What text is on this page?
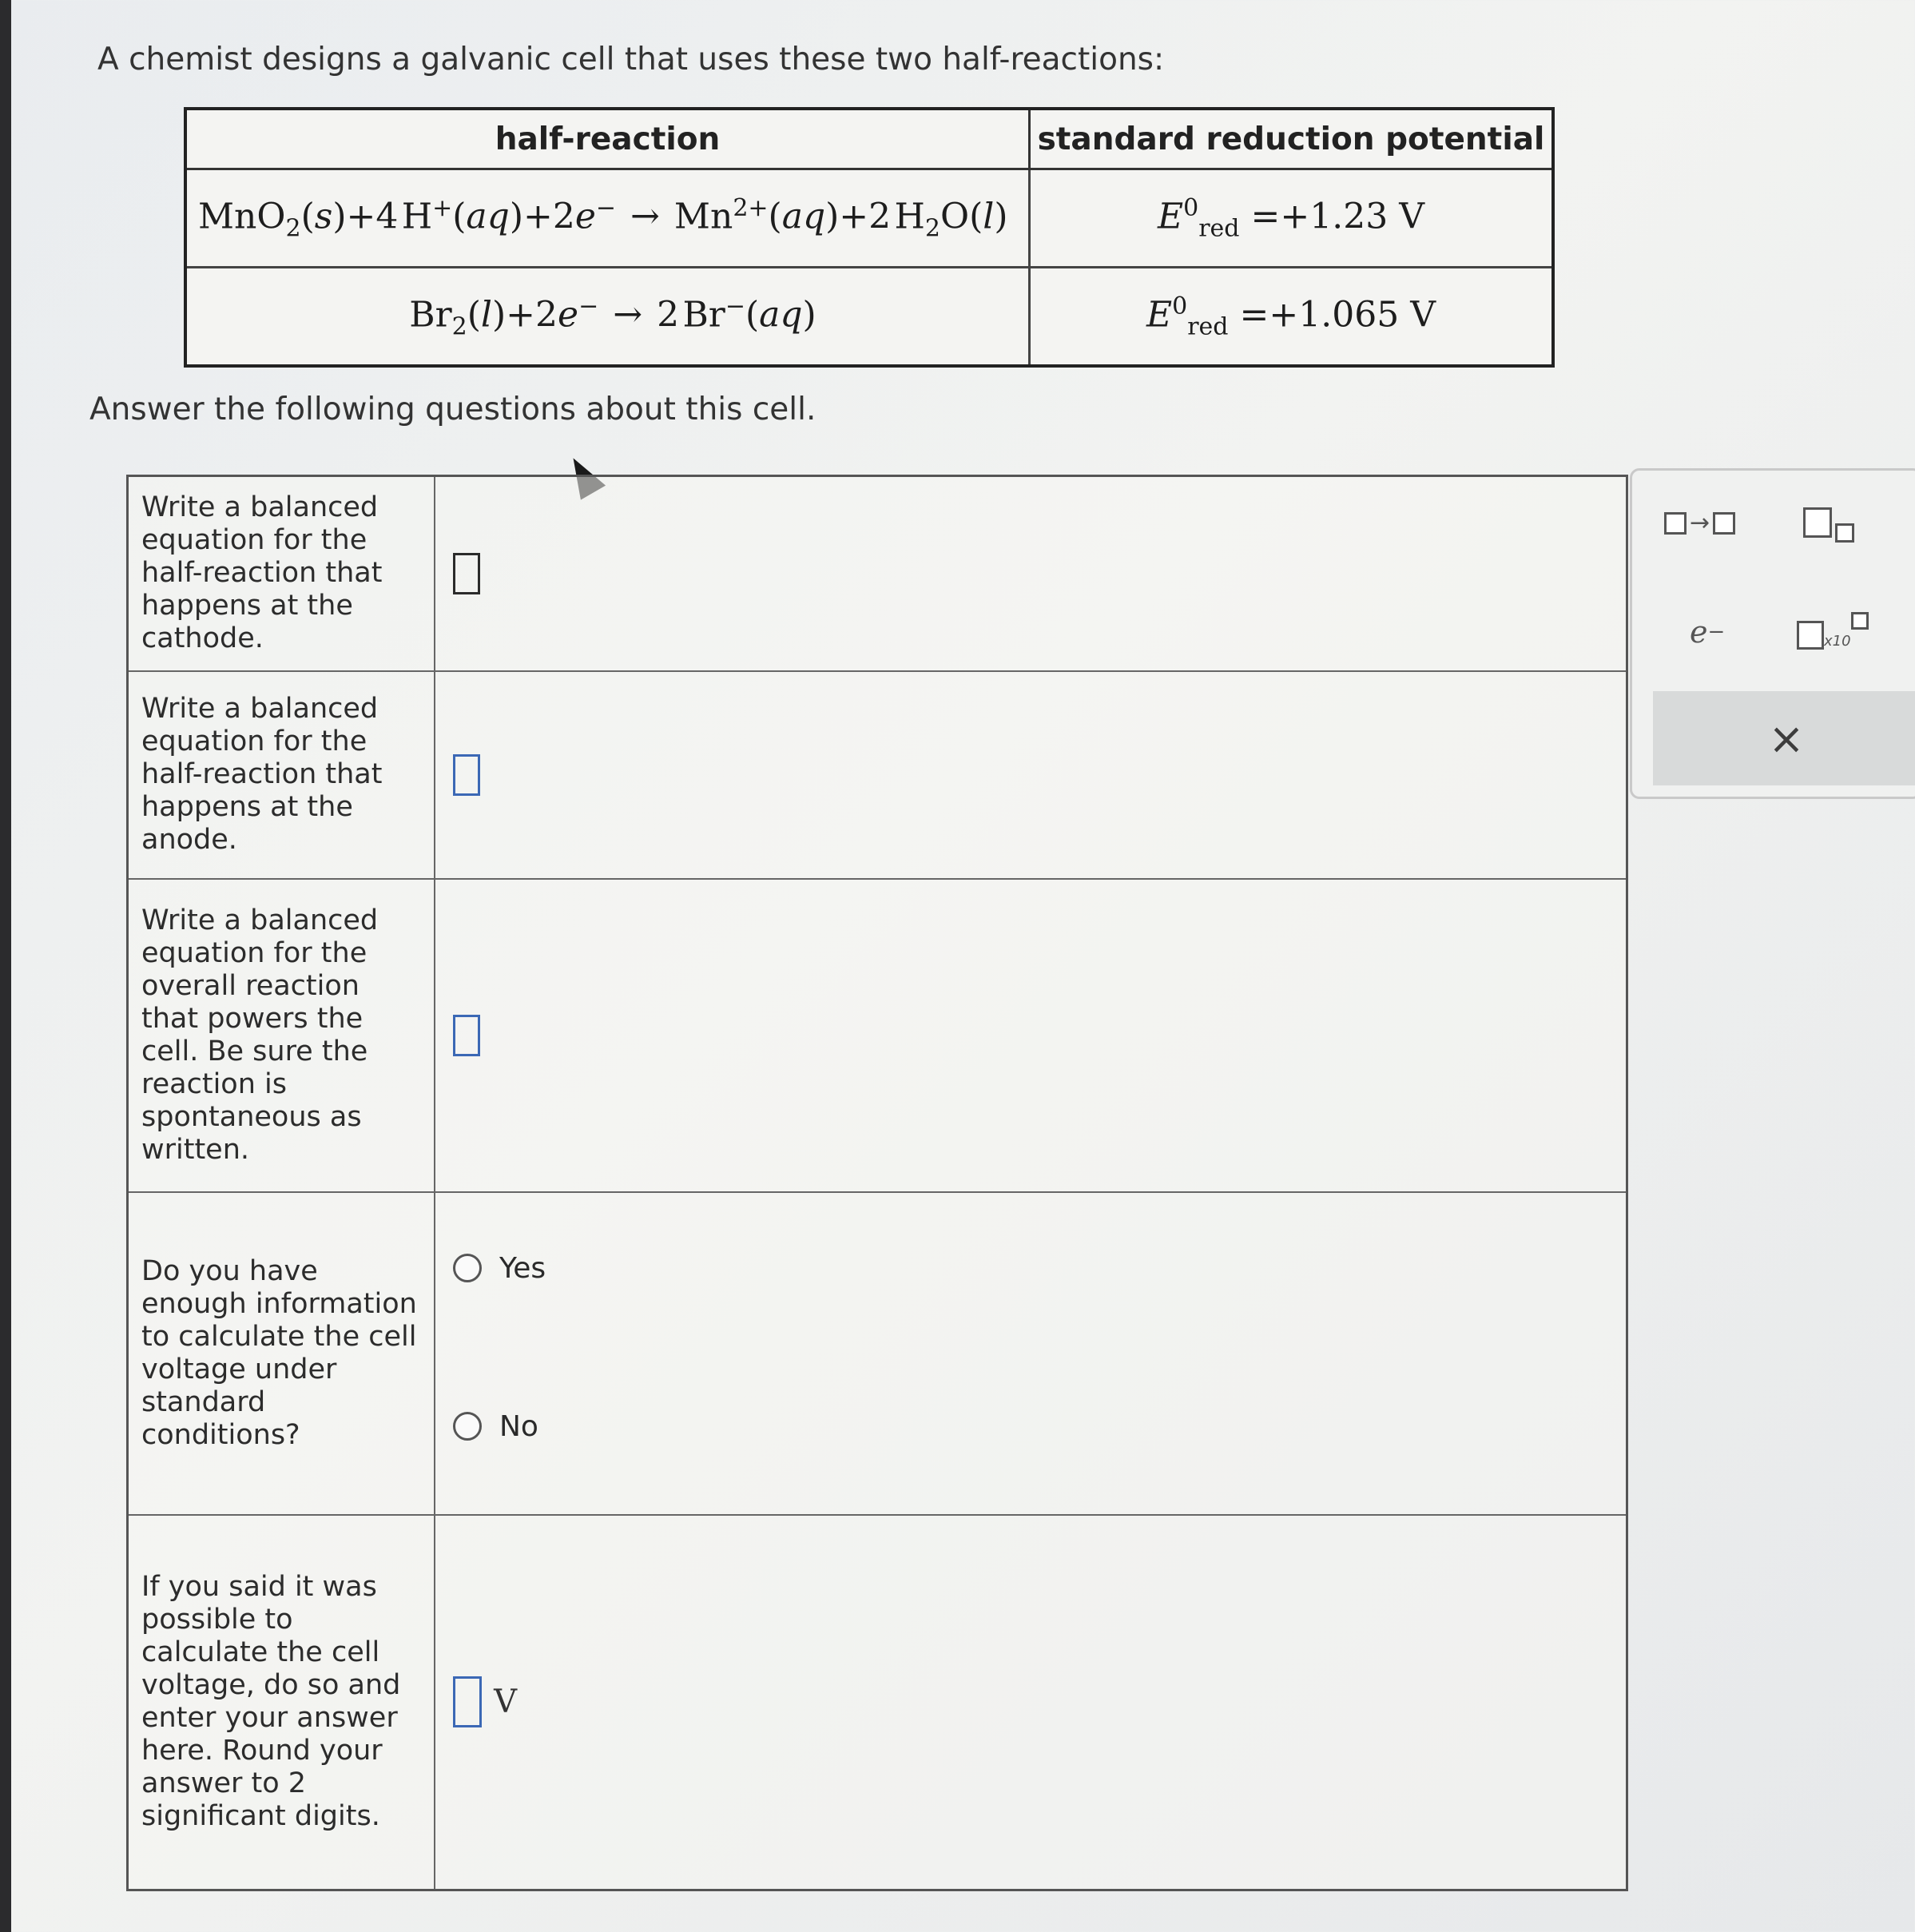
A chemist designs a galvanic cell that uses these two half-reactions:
half-reaction	standard reduction potential
MnO$_2$(s)+4 $H^+(aq)+2e^- \to Mn^{2+}(aq)+2$ $H_2O(l)$	$E^0_{red} =+1.23$ V
$Br_2(l)+2e^- \to 2$ Br−(aq)	$E^0_{red} =+1.065$ V
Answer the following questions about this cell.
Write a balanced equation for the half-reaction that happens at the cathode.	
Write a balanced equation for the half-reaction that happens at the anode.	
Write a balanced equation for the overall reaction that powers the cell. Be sure the reaction is spontaneous as written.	
Do you have enough information to calculate the cell voltage under standard conditions?	Yes
No

If you said it was possible to calculate the cell voltage, do so and enter your answer here. Round your answer to 2 significant digits.	V
→
e −	x10
×
